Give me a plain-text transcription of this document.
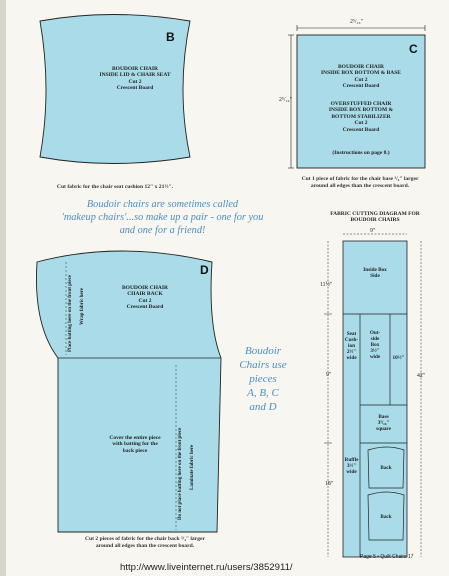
B
BOUDOIR CHAIR
INSIDE LID & CHAIR SEAT
Cut 2
Crescent Board
Cut fabric for the chair seat cushion 12" x 21½".
C
2⁵/₁₆"
2⁵/₁₆"
BOUDOIR CHAIR
INSIDE BOX BOTTOM & BASE
Cut 2
Crescent Board
OVERSTUFFED CHAIR
INSIDE BOX BOTTOM &
BOTTOM STABILIZER
Cut 2
Crescent Board
(Instructions on page 8.)
Cut 1 piece of fabric for the chair base ³/₄" larger
around all edges than the crescent board.
Boudoir chairs are sometimes called
'makeup chairs'...so make up a pair - one for you
and one for a friend!
D
BOUDOIR CHAIR
CHAIR BACK
Cut 2
Crescent Board
Cover the entire piece
with batting for the
back piece
Place batting here on the front piece Wrap fabric here
Do not place batting here on the front piece Laminate fabric here
Cut 2 pieces of fabric for the chair back ³/₄" larger
around all edges than the crescent board.
Boudoir
Chairs use
pieces
A, B, C
and D
FABRIC CUTTING DIAGRAM FOR
BOUDOIR CHAIRS
9"
11½"
9"
18"
42"
Inside Box
Side
Seat
Cush-
ion
2½"
wide
Out-
side
Box
3½"
wide	10½"
Base
3⁵/₁₆"
square
Ruffle
3½"
wide
Back
Back
Page 5 • Quilt Chairs 17
http://www.liveinternet.ru/users/3852911/
